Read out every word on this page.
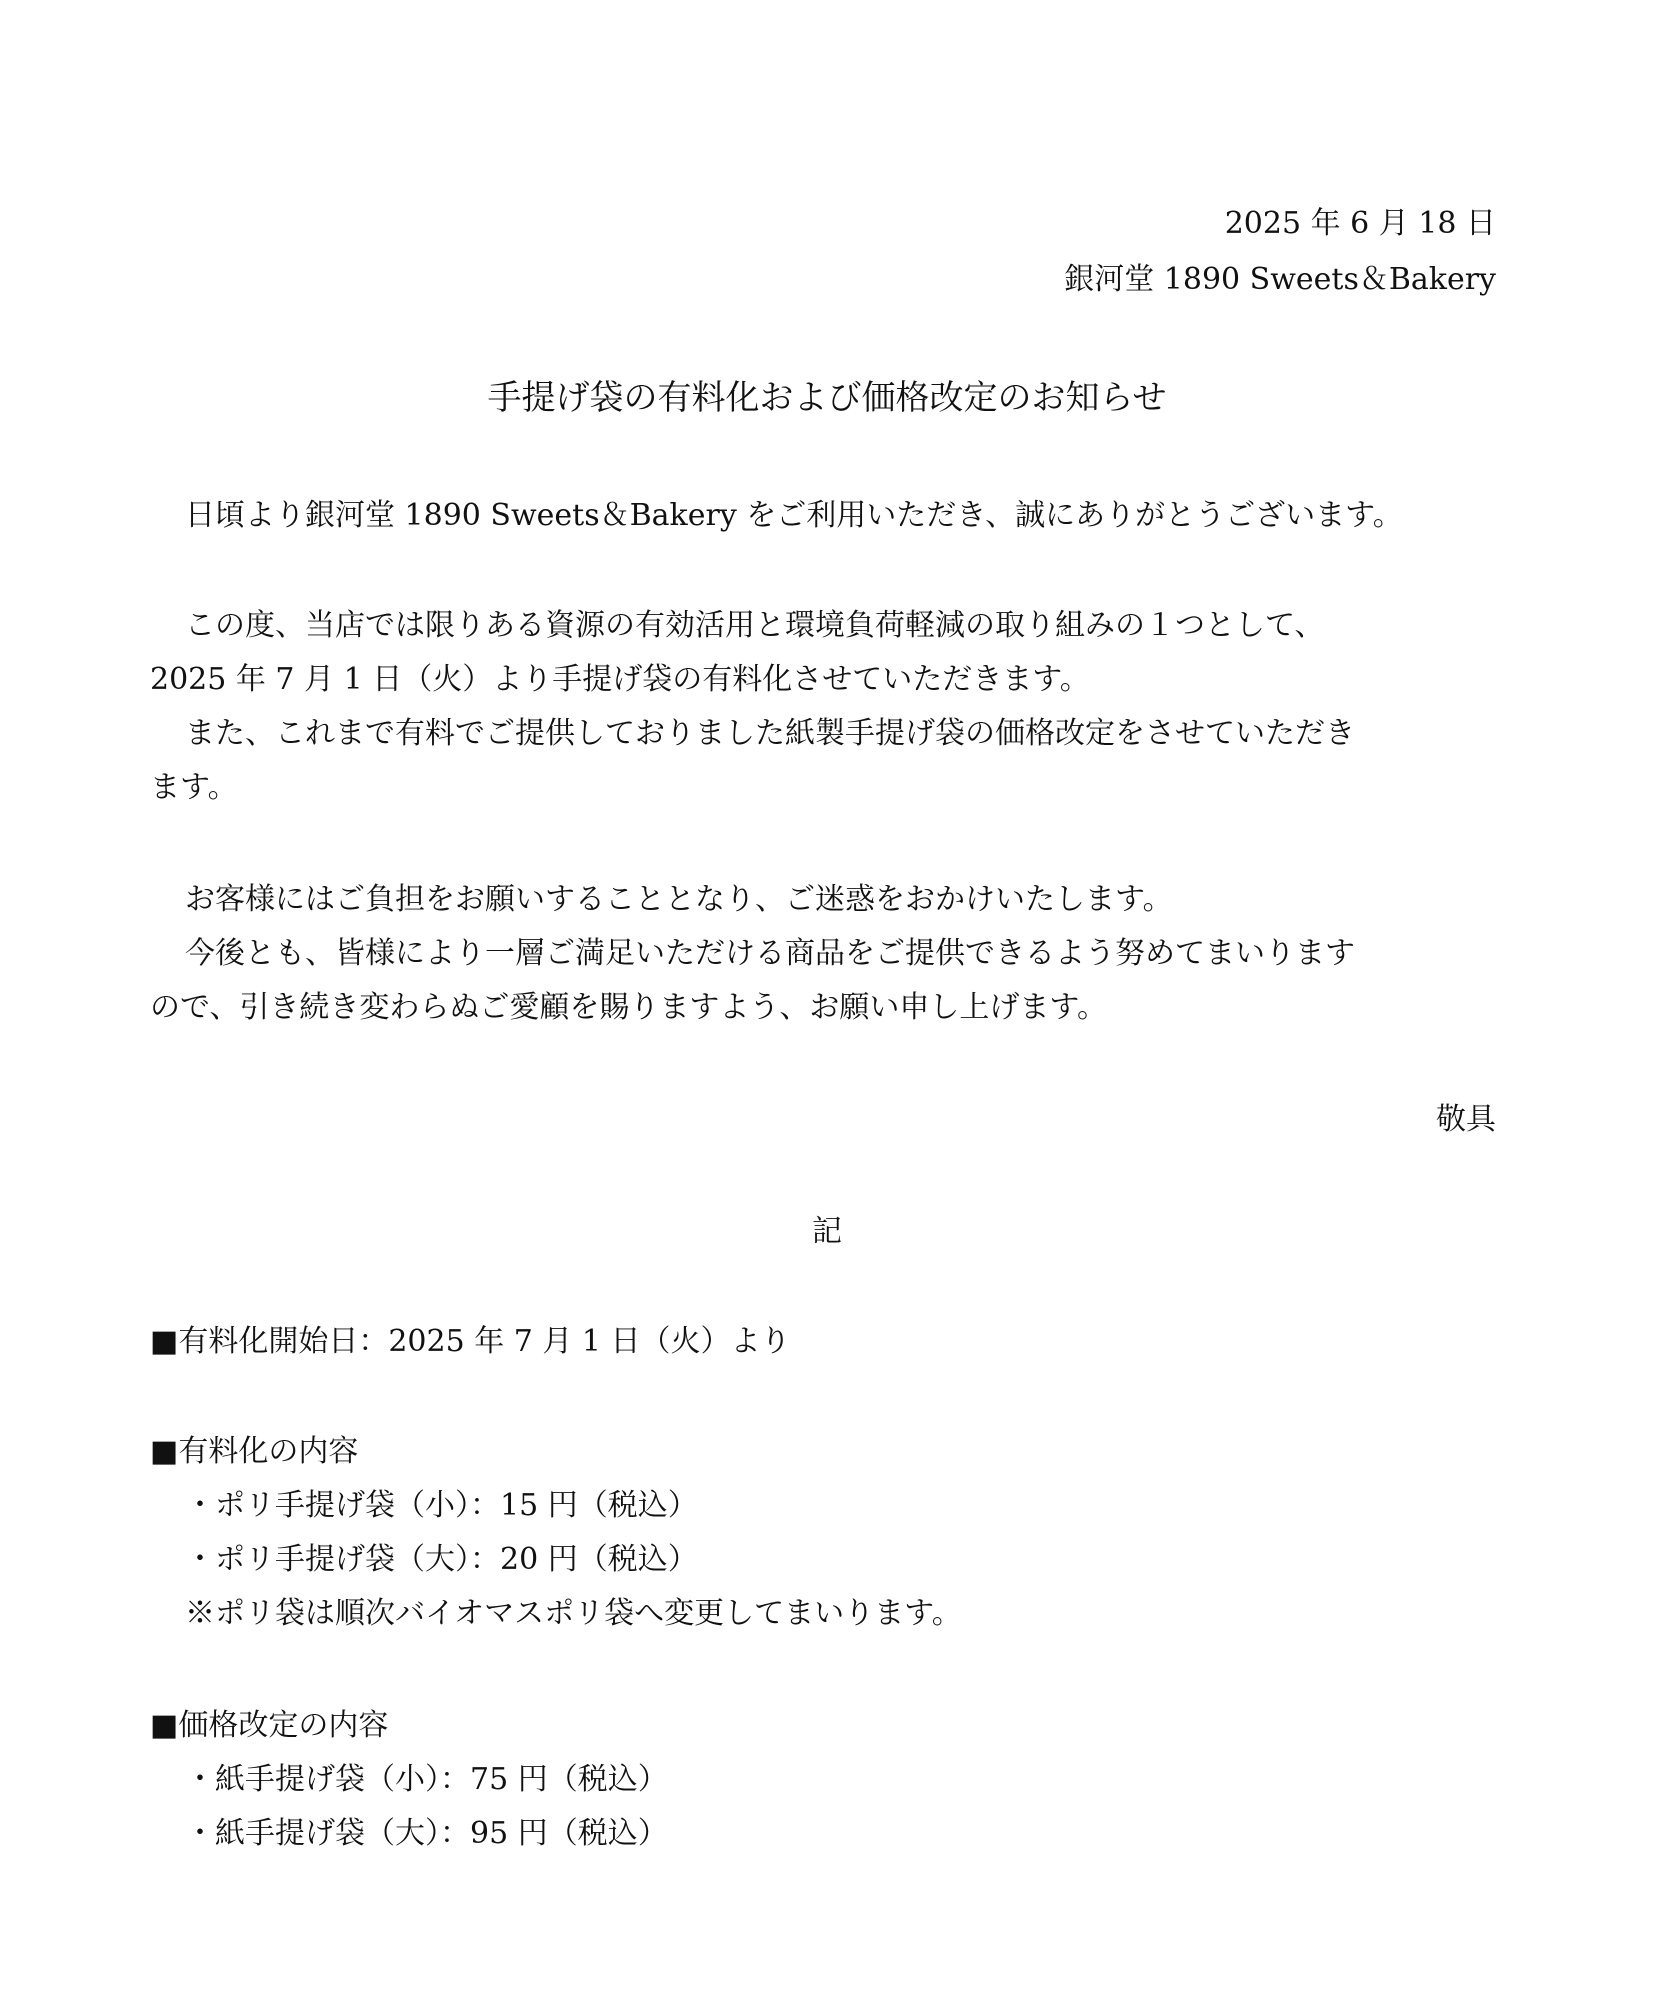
2025 年 6 月 18 日
銀河堂 1890 Sweets＆Bakery
手提げ袋の有料化および価格改定のお知らせ
日頃より銀河堂 1890 Sweets＆Bakery をご利用いただき、誠にありがとうございます。
この度、当店では限りある資源の有効活用と環境負荷軽減の取り組みの１つとして、
2025 年 7 月 1 日（火）より手提げ袋の有料化させていただきます。
また、これまで有料でご提供しておりました紙製手提げ袋の価格改定をさせていただき
ます。
お客様にはご負担をお願いすることとなり、ご迷惑をおかけいたします。
今後とも、皆様により一層ご満足いただける商品をご提供できるよう努めてまいります
ので、引き続き変わらぬご愛顧を賜りますよう、お願い申し上げます。
敬具
記
■有料化開始日：2025 年 7 月 1 日（火）より
■有料化の内容
・ポリ手提げ袋（小）：15 円（税込）
・ポリ手提げ袋（大）：20 円（税込）
※ポリ袋は順次バイオマスポリ袋へ変更してまいります。
■価格改定の内容
・紙手提げ袋（小）：75 円（税込）
・紙手提げ袋（大）：95 円（税込）
